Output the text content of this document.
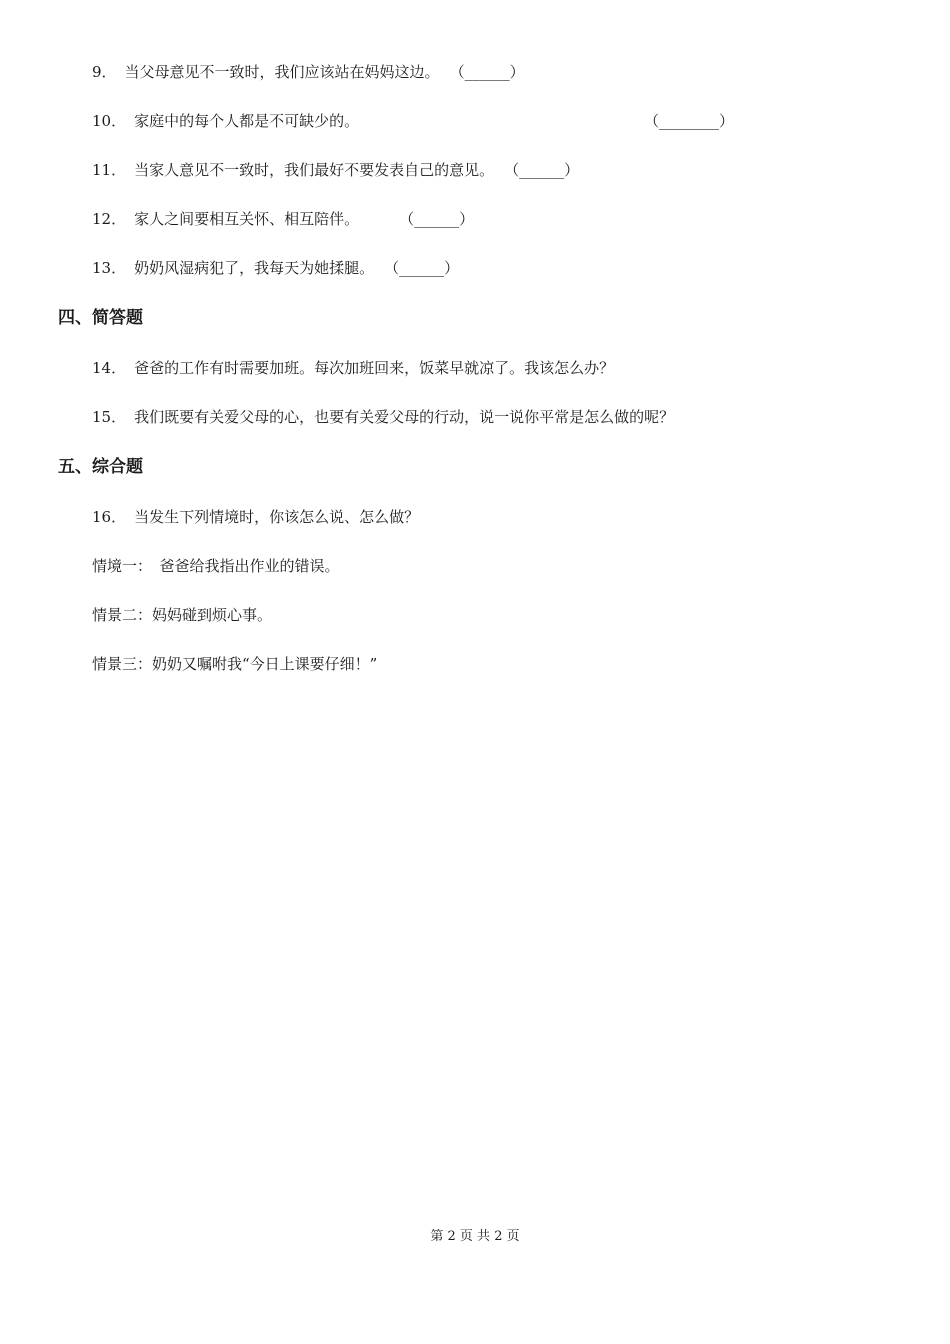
9． 当父母意见不一致时，我们应该站在妈妈这边。 （______）
10． 家庭中的每个人都是不可缺少的。	（________）
11． 当家人意见不一致时，我们最好不要发表自己的意见。 （______）
12． 家人之间要相互关怀、相互陪伴。	（______）
13． 奶奶风湿病犯了，我每天为她揉腿。 （______）
四、简答题
14． 爸爸的工作有时需要加班。每次加班回来，饭菜早就凉了。我该怎么办？
15． 我们既要有关爱父母的心，也要有关爱父母的行动，说一说你平常是怎么做的呢？
五、综合题
16． 当发生下列情境时，你该怎么说、怎么做？
情境一：　爸爸给我指出作业的错误。
情景二：妈妈碰到烦心事。
情景三：奶奶又嘱咐我“今日上课要仔细！”
第 2 页 共 2 页
